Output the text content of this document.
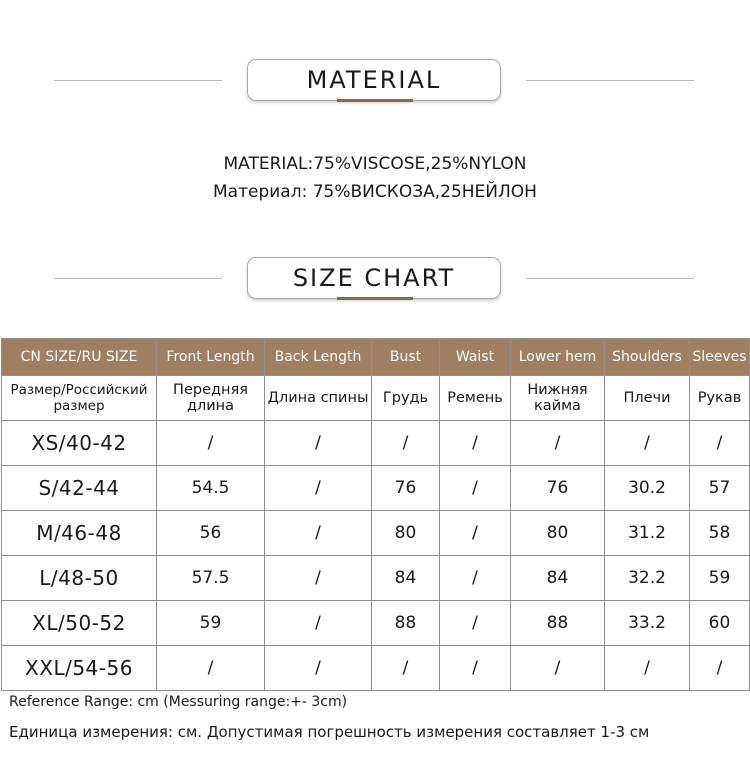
MATERIAL
MATERIAL:75%VISCOSE,25%NYLON
Материал: 75%ВИСКОЗА,25НЕЙЛОН
SIZE CHART
CN SIZE/RU SIZE	Front Length	Back Length	Bust	Waist	Lower hem	Shoulders	Sleeves
Размер/Российский размер	Передняя длина	Длина спины	Грудь	Ремень	Нижняя кайма	Плечи	Рукав
XS/40-42	/	/	/	/	/	/	/
S/42-44	54.5	/	76	/	76	30.2	57
M/46-48	56	/	80	/	80	31.2	58
L/48-50	57.5	/	84	/	84	32.2	59
XL/50-52	59	/	88	/	88	33.2	60
XXL/54-56	/	/	/	/	/	/	/
Reference Range: cm (Messuring range:+- 3cm)
Единица измерения: см. Допустимая погрешность измерения составляет 1-3 см
